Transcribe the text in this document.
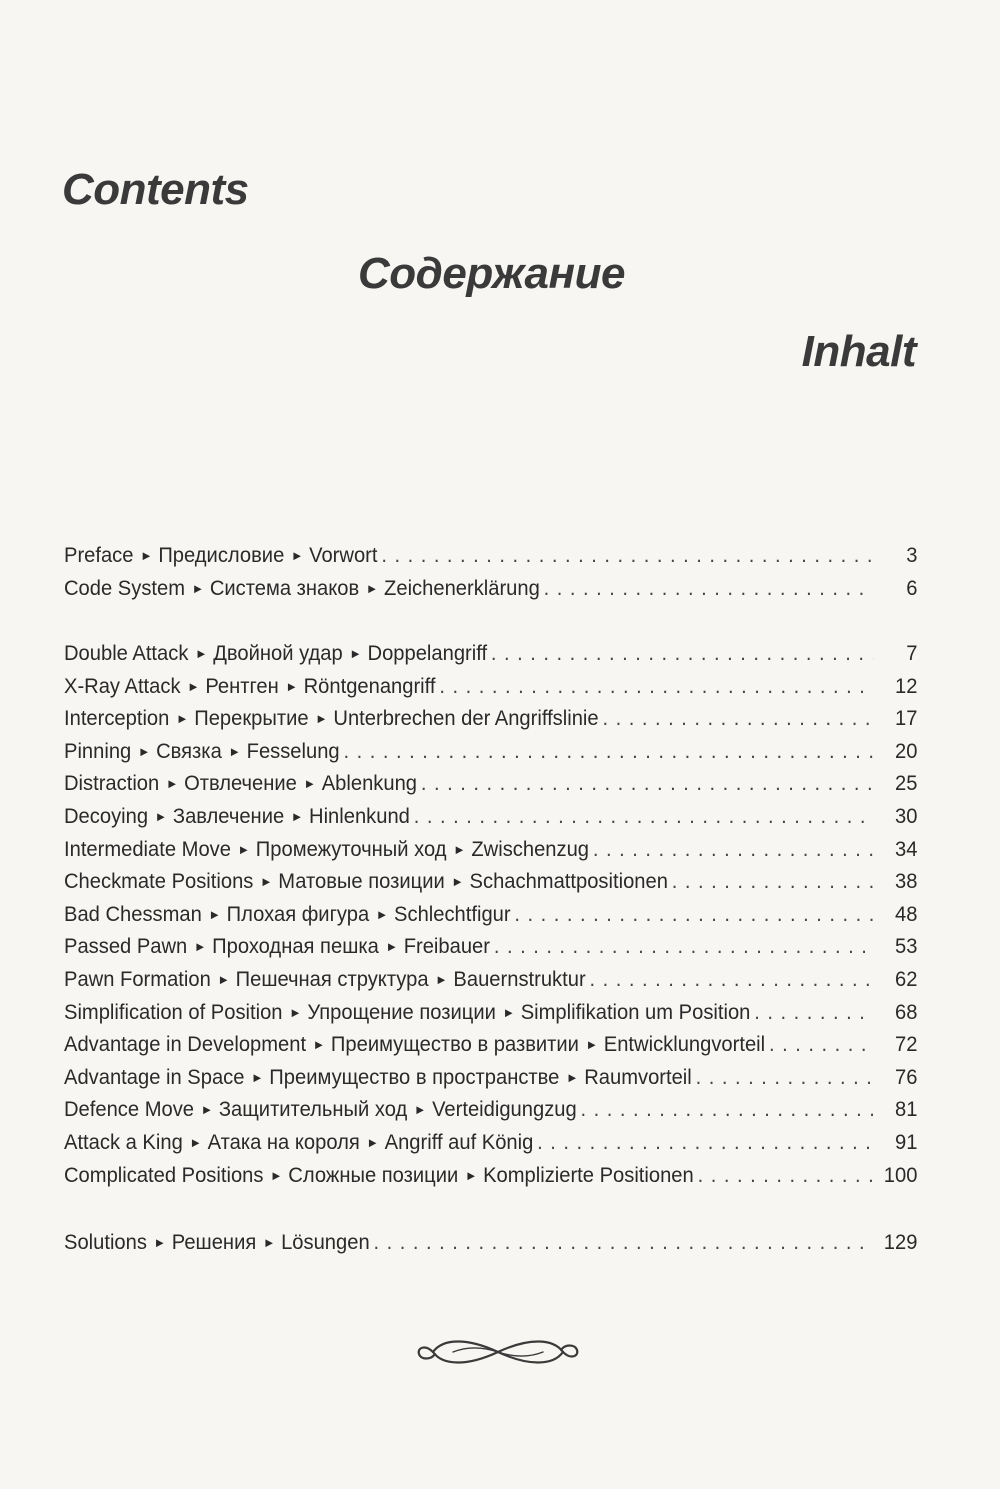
Contents
Содержание
Inhalt
Preface ► Предисловие ► Vorwort . . .	3
Code System ► Система знаков ► Zeichenerklärung . . .	6
Double Attack ► Двойной удар ► Doppelangriff . . .	7
X-Ray Attack ► Рентген ► Röntgenangriff . . .	12
Interception ► Перекрытие ► Unterbrechen der Angriffslinie . . .	17
Pinning ► Связка ► Fesselung . . .	20
Distraction ► Отвлечение ► Ablenkung . . .	25
Decoying ► Завлечение ► Hinlenkund . . .	30
Intermediate Move ► Промежуточный ход ► Zwischenzug . . .	34
Checkmate Positions ► Матовые позиции ► Schachmattpositionen . . .	38
Bad Chessman ► Плохая фигура ► Schlechtfigur . . .	48
Passed Pawn ► Проходная пешка ► Freibauer . . .	53
Pawn Formation ► Пешечная структура ► Bauernstruktur . . .	62
Simplification of Position ► Упрощение позиции ► Simplifikation um Position . . .	68
Advantage in Development ► Преимущество в развитии ► Entwicklungvorteil . . .	72
Advantage in Space ► Преимущество в пространстве ► Raumvorteil . . .	76
Defence Move ► Защитительный ход ► Verteidigungzug . . .	81
Attack a King ► Атака на короля ► Angriff auf König . . .	91
Complicated Positions ► Сложные позиции ► Komplizierte Positionen . . .	100
Solutions ► Решения ► Lösungen . . .	129
